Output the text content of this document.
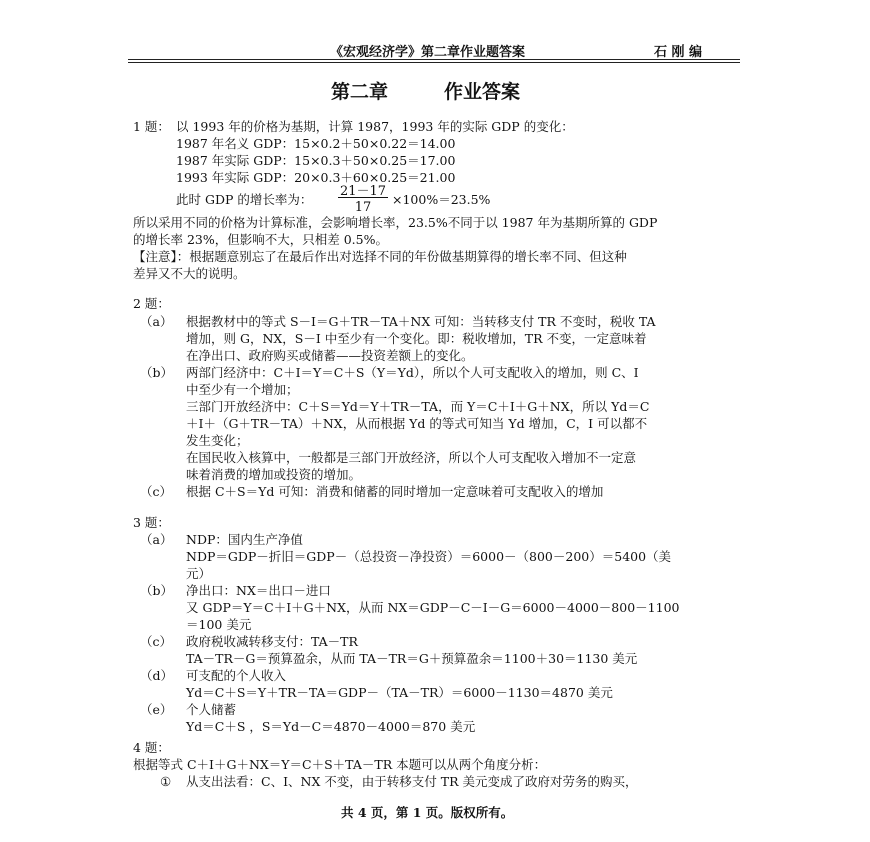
《宏观经济学》第二章作业题答案	石 刚 编
第二章	作业答案
1 题： 以 1993 年的价格为基期，计算 1987，1993 年的实际 GDP 的变化：
1987 年名义 GDP：15×0.2＋50×0.22＝14.00
1987 年实际 GDP：15×0.3＋50×0.25＝17.00
1993 年实际 GDP：20×0.3＋60×0.25＝21.00
此时 GDP 的增长率为：
21－17
17
×100%＝23.5%
所以采用不同的价格为计算标准，会影响增长率，23.5%不同于以 1987 年为基期所算的 GDP
的增长率 23%，但影响不大，只相差 0.5%。
【注意】：根据题意别忘了在最后作出对选择不同的年份做基期算得的增长率不同、但这种
差异又不大的说明。
2 题：
（a） 根据教材中的等式 S－I＝G＋TR－TA＋NX 可知：当转移支付 TR 不变时，税收 TA
增加，则 G，NX，S－I 中至少有一个变化。即：税收增加，TR 不变，一定意味着
在净出口、政府购买或储蓄——投资差额上的变化。
（b） 两部门经济中：C＋I＝Y＝C＋S（Y＝Yd），所以个人可支配收入的增加，则 C、I
中至少有一个增加；
三部门开放经济中：C＋S＝Yd＝Y＋TR－TA，而 Y＝C＋I＋G＋NX，所以 Yd＝C
＋I＋（G＋TR－TA）＋NX，从而根据 Yd 的等式可知当 Yd 增加，C，I 可以都不
发生变化；
在国民收入核算中，一般都是三部门开放经济，所以个人可支配收入增加不一定意
味着消费的增加或投资的增加。
（c） 根据 C＋S＝Yd 可知：消费和储蓄的同时增加一定意味着可支配收入的增加
3 题：
（a） NDP：国内生产净值
NDP＝GDP－折旧＝GDP－（总投资－净投资）＝6000－（800－200）＝5400（美
元）
（b） 净出口：NX＝出口－进口
又 GDP＝Y＝C＋I＋G＋NX，从而 NX＝GDP－C－I－G＝6000－4000－800－1100
＝100 美元
（c） 政府税收减转移支付：TA－TR
TA－TR－G＝预算盈余，从而 TA－TR＝G＋预算盈余＝1100＋30＝1130 美元
（d） 可支配的个人收入
Yd＝C＋S＝Y＋TR－TA＝GDP－（TA－TR）＝6000－1130＝4870 美元
（e） 个人储蓄
Yd＝C＋S ，S＝Yd－C＝4870－4000＝870 美元
4 题：
根据等式 C＋I＋G＋NX＝Y＝C＋S＋TA－TR 本题可以从两个角度分析：
① 从支出法看：C、I、NX 不变，由于转移支付 TR 美元变成了政府对劳务的购买，
共 4 页，第 1 页。版权所有。
